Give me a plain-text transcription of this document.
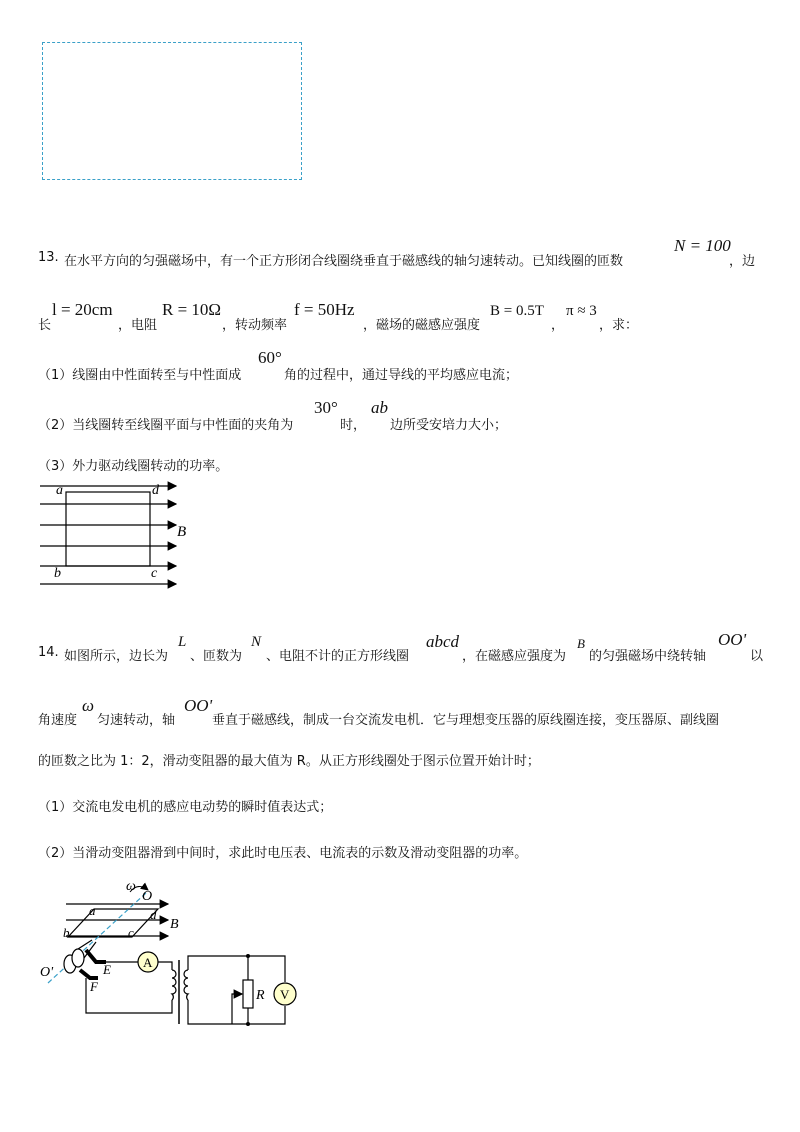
13. 在水平方向的匀强磁场中，有一个正方形闭合线圈绕垂直于磁感线的轴匀速转动。已知线圈的匝数
N = 100
，边
长
l = 20cm
，电阻
R = 10Ω
，转动频率
f = 50Hz
，磁场的磁感应强度
B = 0.5T
，
π ≈ 3
，求：
（1）线圈由中性面转至与中性面成
60°
角的过程中，通过导线的平均感应电流；
（2）当线圈转至线圈平面与中性面的夹角为
30°
时，
ab
边所受安培力大小；
（3）外力驱动线圈转动的功率。
a	d
b	c
B
14. 如图所示，边长为
L
、匝数为
N
、电阻不计的正方形线圈
abcd
，在磁感应强度为
B
的匀强磁场中绕转轴
OO'
以
角速度
ω
匀速转动，轴
OO'
垂直于磁感线，制成一台交流发电机．它与理想变压器的原线圈连接，变压器原、副线圈
的匝数之比为 1：2，滑动变阻器的最大值为 R。从正方形线圈处于图示位置开始计时；
（1）交流电发电机的感应电动势的瞬时值表达式；
（2）当滑动变阻器滑到中间时，求此时电压表、电流表的示数及滑动变阻器的功率。
A
V
ω
O
a	d
b	c
B
O'	E
F
R
